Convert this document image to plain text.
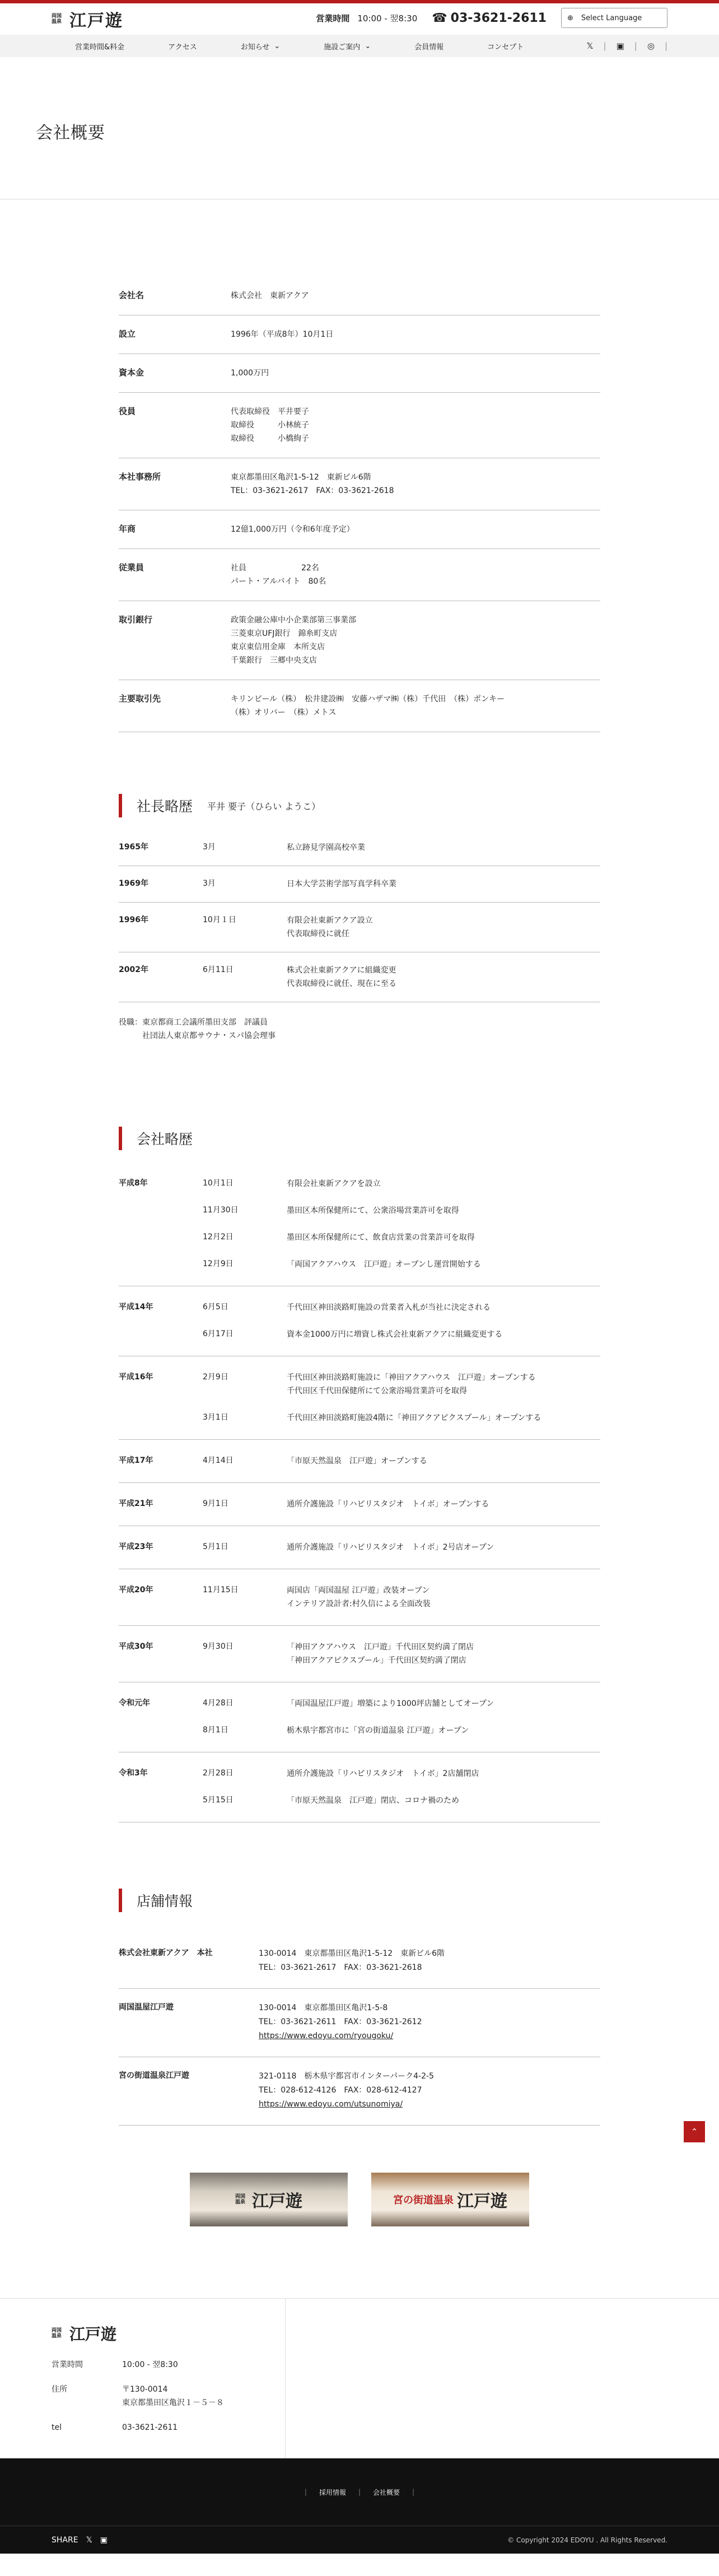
両国温泉 江戸遊	営業時間 10:00 - 翌8:30 ☎ 03-3621-2611	⊕ Select Language
営業時間&料金	アクセス	お知らせ ⌄	施設ご案内 ⌄	会員情報	コンセプト	𝕏 | ▣ | ◎ |
会社概要
会社名	株式会社　東新アクア
設立	1996年（平成8年）10月1日
資本金	1,000万円
役員	代表取締役　平井要子
取締役　　　小林統子
取締役　　　小橋絢子
本社事務所	東京都墨田区亀沢1-5-12　東新ビル6階
TEL：03-3621-2617　FAX：03-3621-2618
年商	12億1,000万円（令和6年度予定）
従業員	社員　　　　　　　22名
パート・アルバイト　80名
取引銀行	政策金融公庫中小企業部第三事業部
三菱東京UFJ銀行　錦糸町支店
東京東信用金庫　本所支店
千葉銀行　三郷中央支店
主要取引先	キリンビール（株）　松井建設㈱　安藤ハザマ㈱（株）千代田　（株）ポンキー
（株）オリバー　（株）メトス
社長略歴 平井 要子（ひらい ようこ）
1965年	3月	私立跡見学園高校卒業
1969年	3月	日本大学芸術学部写真学科卒業
1996年	10月１日	有限会社東新アクア設立
代表取締役に就任
2002年	6月11日	株式会社東新アクアに組織変更
代表取締役に就任、現在に至る
役職：東京都商工会議所墨田支部　評議員
　　　社団法人東京都サウナ・スパ協会理事
会社略歴
平成8年	10月1日	有限会社東新アクアを設立
11月30日	墨田区本所保健所にて、公衆浴場営業許可を取得
12月2日	墨田区本所保健所にて、飲食店営業の営業許可を取得
12月9日	「両国アクアハウス　江戸遊」オープンし運営開始する
平成14年	6月5日	千代田区神田淡路町施設の営業者入札が当社に決定される
6月17日	資本金1000万円に増資し株式会社東新アクアに組織変更する
平成16年	2月9日	千代田区神田淡路町施設に「神田アクアハウス　江戸遊」オープンする
千代田区千代田保健所にて公衆浴場営業許可を取得
3月1日	千代田区神田淡路町施設4階に「神田アクアピクスプール」オープンする
平成17年	4月14日	「市原天然温泉　江戸遊」オープンする
平成21年	9月1日	通所介護施設「リハビリスタジオ　トイボ」オープンする
平成23年	5月1日	通所介護施設「リハビリスタジオ　トイボ」2号店オープン
平成20年	11月15日	両国店「両国温屋 江戸遊」改装オープン
インテリア設計者:村久信による全面改装
平成30年	9月30日	「神田アクアハウス　江戸遊」千代田区契約満了閉店
「神田アクアピクスプール」千代田区契約満了閉店
令和元年	4月28日	「両国温屋江戸遊」増築により1000坪店舗としてオープン
8月1日	栃木県宇都宮市に「宮の街道温泉 江戸遊」オープン
令和3年	2月28日	通所介護施設「リハビリスタジオ　トイボ」2店舗閉店
5月15日	「市原天然温泉　江戸遊」閉店、コロナ禍のため
店舗情報
株式会社東新アクア　本社	130-0014　東京都墨田区亀沢1-5-12　東新ビル6階
TEL：03-3621-2617　FAX：03-3621-2618
両国温屋江戸遊	130-0014　東京都墨田区亀沢1-5-8
TEL：03-3621-2611　FAX：03-3621-2612
https://www.edoyu.com/ryougoku/
宮の街道温泉江戸遊	321-0118　栃木県宇都宮市インターパーク4-2-5
TEL：028-612-4126　FAX：028-612-4127
https://www.edoyu.com/utsunomiya/
両国温泉 江戸遊	宮の街道温泉 江戸遊
両国温泉 江戸遊
営業時間	10:00 - 翌8:30
住所	〒130-0014
東京都墨田区亀沢１－５－８
tel	03-3621-2611
| 採用情報 | 会社概要 |
SHARE 𝕏 ▣	© Copyright 2024 EDOYU . All Rights Reserved.
⌃
